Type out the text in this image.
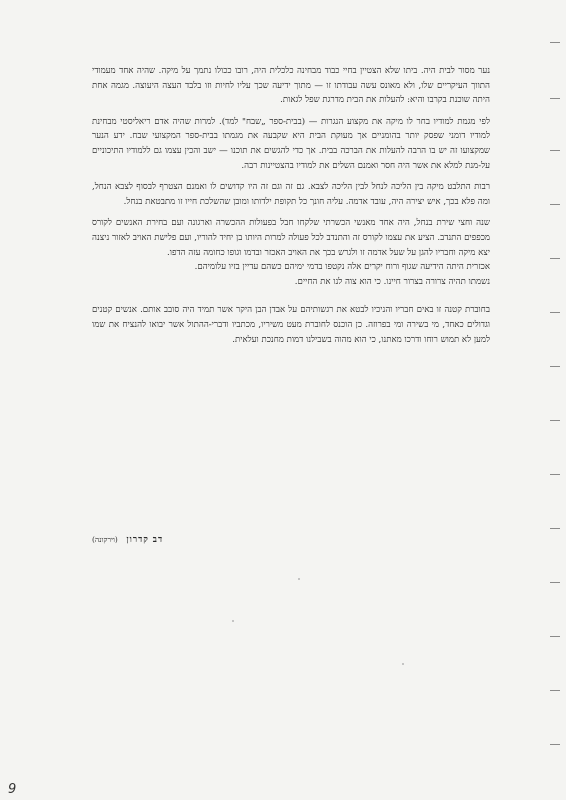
נער מסור לבית היה. ביתו שלא הצטיין בחיי כבוד מבחינה כלכלית היה, רובו ככולו נתמך על מיקה. שהיה אחד מעמודי התווך העיקריים שלו, ולא מאונס עשה עבודתו זו — מתוך ידיעה שכך עליו לחיות וזו בלבד העצה היעוצה. מגמה אחת היתה שוכנת בקרבו והיא: להעלות את הבית מדרגת שפל לגאות.

לפי מגמת למודיו בחר לו מיקה את מקצוע הנגרות — (בבית-ספר „שבח" למד). למרות שהיה אדם ריאליסטי מבחינת למודיו דומני שפסק יותר בהומניים אך מעוקת הבית היא שקבעה את מגמתו בבית-ספר המקצועי שבח. ידע הנער שמקצועו זה יש בו הרבה להעלות את הברכה בבית. אך כדי להגשים את תוכנו — ישב והכין עצמו גם ללמודיו התיכוניים על-מנת למלא את אשר היה חסר ואמנם השלים את למודיו בהצטיינות רבה.

רבות התלבט מיקה בין הליכה לנחל לבין הליכה לצבא. גם זה וגם זה היו קדושים לו ואמנם הצטרף לבסוף לצבא הנחל, ומה פלא בכך, איש יצירה היה, עובד אדמה. עליה חונך כל תקופת ילדותו ומובן שהשלכת חייו זו מתבטאת בנחל.

שנה וחצי שירת בנחל, היה אחד מאנשי הכשרתי שלקחו חבל בפעולות ההכשרה וארגונה ועם בחירת האנשים לקורס מכפפים התנדב. הציע את עצמו לקורס זה והתנדב לכל פעולה למרות היותו בן יחיד להוריו, ועם פלישת האויב לאזור ניצנה יצא מיקה וחבריו להגן על שעל אדמה זו ולגרש בכך את האויב האכזר ובדמו וגופו כחומה עזה הדפו.

אכזרית היתה הידיעה שגוף ורוח יקרים אלה נקטפו בדמי ימיהם כשהם עדיין בזיו עלומיהם.

נשמתו תהיה צרורה בצרור חיינו. כי הוא צוה לנו את החיים.

בחוברת קטנה זו באים חבריו והניכיו לבטא את רגשותיהם על אבדן הבן היקר אשר תמיד היה סובב אותם. אנשים קטנים וגדולים כאחד, מי בשירה ומי בפרוזה. כן הוכנס לחוברת מעט משיריו, מכתביו ודברי-ההתול אשר יבואו להנציח את שמו למען לא תמוש רוחו ודרכו מאתנו, כי הוא מהוה בשבילנו דמות מחנכת ועלאית.

דב קדרון (וירקונה)
9
